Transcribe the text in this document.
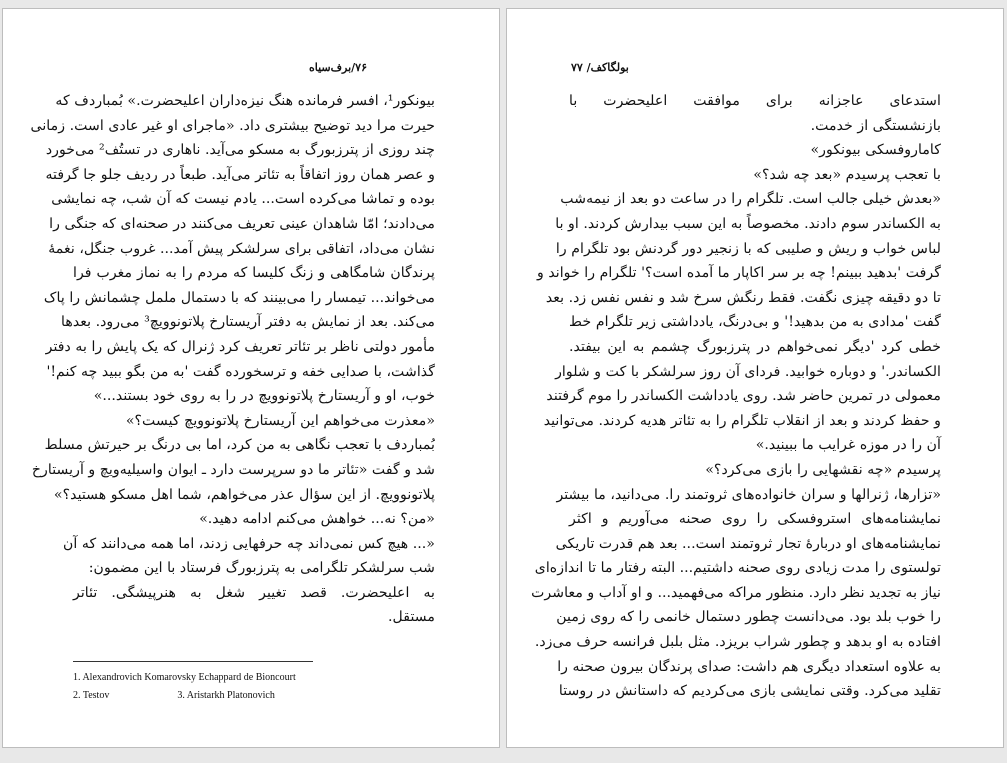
۷۶/برف‌سیاه

بیونکور¹، افسر فرمانده هنگ نیزه‌داران اعلیحضرت.» بُمبارد‌ف که

حیرت مرا دید توضیح بیشتری داد. «ماجرای او غیر عادی است. زمانی

چند روزی از پترزبورگ به مسکو می‌آید. ناهاری در تستُف² می‌خورد

و عصر همان روز اتفاقاً به تئاتر می‌آید. طبعاً در ردیف جلو جا گرفته

بوده و تماشا می‌کرده است... یادم نیست که آن شب، چه نمایشی

می‌دادند؛ امّا شاهدان عینی تعریف می‌کنند در صحنه‌ای که جنگی را

نشان می‌داد، اتفاقی برای سرلشکر پیش آمد... غروب جنگل، نغمهٔ

پرندگان شامگاهی و زنگ کلیسا که مردم را به نماز مغرب فرا

می‌خواند... تیمسار را می‌بینند که با دستمال ململ چشمانش را پاک

می‌کند. بعد از نمایش به دفتر آریستارخ پلاتونوویچ³ می‌رود. بعدها

مأمور دولتی ناظر بر تئاتر تعریف کرد ژنرال که یک پایش را به دفتر

گذاشت، با صدایی خفه و ترسخورده گفت 'به من بگو ببید چه کنم!'

خوب، او و آریستارخ پلاتونوویچ در را به روی خود بستند...»

«معذرت می‌خواهم این آریستارخ پلاتونوویچ کیست؟»

بُمبارد‌ف با تعجب نگاهی به من کرد، اما بی درنگ بر حیرتش مسلط

شد و گفت «تئاتر ما دو سرپرست دارد ـ ایوان واسیلیه‌ویچ و آریستارخ

پلاتونوویچ. از این سؤال عذر می‌خواهم، شما اهل مسکو هستید؟»

«من؟ نه... خواهش می‌کنم ادامه دهید.»

«... هیچ کس نمی‌داند چه حرفهایی زدند، اما همه می‌دانند که آن

شب سرلشکر تلگرامی به پترزبورگ فرستاد با این مضمون:

به اعلیحضرت. قصد تغییر شغل به هنرپیشگی. تئاتر

مستقل.

1. Alexandrovich Komarovsky Echappard de Bioncourt
2. Testov	3. Aristarkh Platonovich
بولگاکف/ ۷۷

استدعای عاجزانه برای موافقت اعلیحضرت با

بازنشستگی از خدمت.

کاماروفسکی بیونکور»

با تعجب پرسیدم «بعد چه شد؟»

«بعدش خیلی جالب است. تلگرام را در ساعت دو بعد از نیمه‌شب

به الکساندر سوم دادند. مخصوصاً به این سبب بیدارش کردند. او با

لباس خواب و ریش و صلیبی که با زنجیر دور گردنش بود تلگرام را

گرفت 'بدهید ببینم! چه بر سر اکاپار ما آمده است؟' تلگرام را خواند و

تا دو دقیقه چیزی نگفت. فقط رنگش سرخ شد و نفس نفس زد. بعد

گفت 'مدادی به من بدهید!' و بی‌درنگ، یادداشتی زیر تلگرام خط

خطی کرد 'دیگر نمی‌خواهم در پترزبورگ چشمم به این بیفتد.

الکساندر.' و دوباره خوابید. فردای آن روز سرلشکر با کت و شلوار

معمولی در تمرین حاضر شد. روی یادداشت الکساندر را موم گرفتند

و حفظ کردند و بعد از انقلاب تلگرام را به تئاتر هدیه کردند. می‌توانید

آن را در موزه غرایب ما ببینید.»

پرسیدم «چه نقشهایی را بازی می‌کرد؟»

«تزارها، ژنرالها و سران خانواده‌های ثروتمند را. می‌دانید، ما بیشتر

نمایشنامه‌های استروفسکی را روی صحنه می‌آوریم و اکثر

نمایشنامه‌های او دربارهٔ تجار ثروتمند است... بعد هم قدرت تاریکی

تولستوی را مدت زیادی روی صحنه داشتیم... البته رفتار ما تا اندازه‌ای

نیاز به تجدید نظر دارد. منظور مراکه می‌فهمید... و او آداب و معاشرت

را خوب بلد بود. می‌دانست چطور دستمال خانمی را که روی زمین

افتاده به او بدهد و چطور شراب بریزد. مثل بلبل فرانسه حرف می‌زد.

به علاوه استعداد دیگری هم داشت: صدای پرندگان بیرون صحنه را

تقلید می‌کرد. وقتی نمایشی بازی می‌کردیم که داستانش در روستا
